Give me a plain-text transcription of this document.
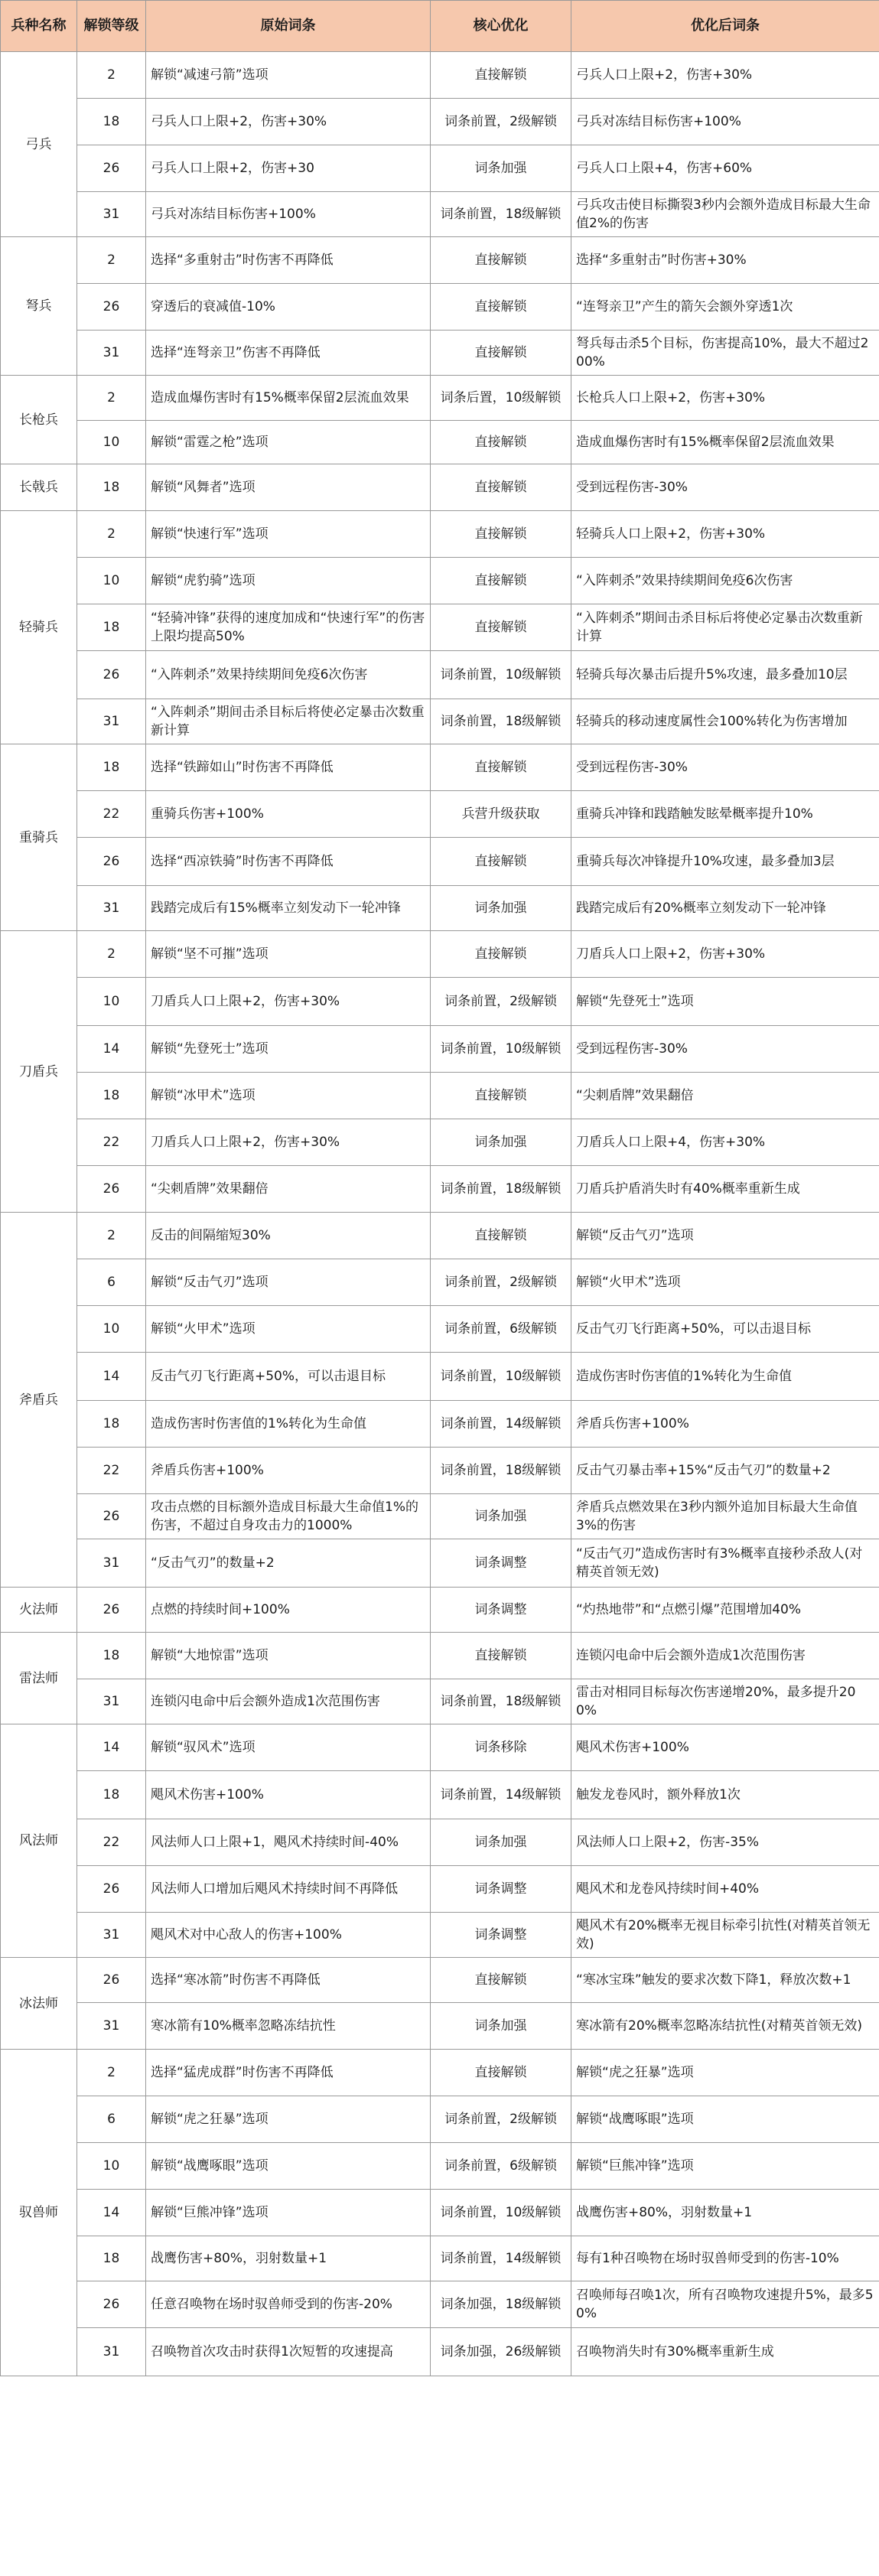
兵种名称	解锁等级	原始词条	核心优化	优化后词条
弓兵	2	解锁“减速弓箭”选项	直接解锁	弓兵人口上限+2，伤害+30%
	18	弓兵人口上限+2，伤害+30%	词条前置，2级解锁	弓兵对冻结目标伤害+100%
	26	弓兵人口上限+2，伤害+30	词条加强	弓兵人口上限+4，伤害+60%
	31	弓兵对冻结目标伤害+100%	词条前置，18级解锁	弓兵攻击使目标撕裂3秒内会额外造成目标最大生命值2%的伤害
弩兵	2	选择“多重射击”时伤害不再降低	直接解锁	选择“多重射击”时伤害+30%
	26	穿透后的衰减值-10%	直接解锁	“连弩亲卫”产生的箭矢会额外穿透1次
	31	选择“连弩亲卫”伤害不再降低	直接解锁	弩兵每击杀5个目标，伤害提高10%，最大不超过200%
长枪兵	2	造成血爆伤害时有15%概率保留2层流血效果	词条后置，10级解锁	长枪兵人口上限+2，伤害+30%
	10	解锁“雷霆之枪”选项	直接解锁	造成血爆伤害时有15%概率保留2层流血效果
长戟兵	18	解锁“风舞者”选项	直接解锁	受到远程伤害-30%
轻骑兵	2	解锁“快速行军”选项	直接解锁	轻骑兵人口上限+2，伤害+30%
	10	解锁“虎豹骑”选项	直接解锁	“入阵刺杀”效果持续期间免疫6次伤害
	18	“轻骑冲锋”获得的速度加成和“快速行军”的伤害上限均提高50%	直接解锁	“入阵刺杀”期间击杀目标后将使必定暴击次数重新计算
	26	“入阵刺杀”效果持续期间免疫6次伤害	词条前置，10级解锁	轻骑兵每次暴击后提升5%攻速，最多叠加10层
	31	“入阵刺杀”期间击杀目标后将使必定暴击次数重新计算	词条前置，18级解锁	轻骑兵的移动速度属性会100%转化为伤害增加
重骑兵	18	选择“铁蹄如山”时伤害不再降低	直接解锁	受到远程伤害-30%
	22	重骑兵伤害+100%	兵营升级获取	重骑兵冲锋和践踏触发眩晕概率提升10%
	26	选择“西凉铁骑”时伤害不再降低	直接解锁	重骑兵每次冲锋提升10%攻速，最多叠加3层
	31	践踏完成后有15%概率立刻发动下一轮冲锋	词条加强	践踏完成后有20%概率立刻发动下一轮冲锋
刀盾兵	2	解锁“坚不可摧”选项	直接解锁	刀盾兵人口上限+2，伤害+30%
	10	刀盾兵人口上限+2，伤害+30%	词条前置，2级解锁	解锁“先登死士”选项
	14	解锁“先登死士”选项	词条前置，10级解锁	受到远程伤害-30%
	18	解锁“冰甲术”选项	直接解锁	“尖刺盾牌”效果翻倍
	22	刀盾兵人口上限+2，伤害+30%	词条加强	刀盾兵人口上限+4，伤害+30%
	26	“尖刺盾牌”效果翻倍	词条前置，18级解锁	刀盾兵护盾消失时有40%概率重新生成
斧盾兵	2	反击的间隔缩短30%	直接解锁	解锁“反击气刃”选项
	6	解锁“反击气刃”选项	词条前置，2级解锁	解锁“火甲术”选项
	10	解锁“火甲术”选项	词条前置，6级解锁	反击气刃飞行距离+50%，可以击退目标
	14	反击气刃飞行距离+50%，可以击退目标	词条前置，10级解锁	造成伤害时伤害值的1%转化为生命值
	18	造成伤害时伤害值的1%转化为生命值	词条前置，14级解锁	斧盾兵伤害+100%
	22	斧盾兵伤害+100%	词条前置，18级解锁	反击气刃暴击率+15%“反击气刃”的数量+2
	26	攻击点燃的目标额外造成目标最大生命值1%的伤害，不超过自身攻击力的1000%	词条加强	斧盾兵点燃效果在3秒内额外追加目标最大生命值3%的伤害
	31	“反击气刃”的数量+2	词条调整	“反击气刃”造成伤害时有3%概率直接秒杀敌人(对精英首领无效)
火法师	26	点燃的持续时间+100%	词条调整	“灼热地带”和“点燃引爆”范围增加40%
雷法师	18	解锁“大地惊雷”选项	直接解锁	连锁闪电命中后会额外造成1次范围伤害
	31	连锁闪电命中后会额外造成1次范围伤害	词条前置，18级解锁	雷击对相同目标每次伤害递增20%，最多提升200%
风法师	14	解锁“驭风术”选项	词条移除	飓风术伤害+100%
	18	飓风术伤害+100%	词条前置，14级解锁	触发龙卷风时，额外释放1次
	22	风法师人口上限+1，飓风术持续时间-40%	词条加强	风法师人口上限+2，伤害-35%
	26	风法师人口增加后飓风术持续时间不再降低	词条调整	飓风术和龙卷风持续时间+40%
	31	飓风术对中心敌人的伤害+100%	词条调整	飓风术有20%概率无视目标牵引抗性(对精英首领无效)
冰法师	26	选择“寒冰箭”时伤害不再降低	直接解锁	“寒冰宝珠”触发的要求次数下降1，释放次数+1
	31	寒冰箭有10%概率忽略冻结抗性	词条加强	寒冰箭有20%概率忽略冻结抗性(对精英首领无效)
驭兽师	2	选择“猛虎成群”时伤害不再降低	直接解锁	解锁“虎之狂暴”选项
	6	解锁“虎之狂暴”选项	词条前置，2级解锁	解锁“战鹰啄眼”选项
	10	解锁“战鹰啄眼”选项	词条前置，6级解锁	解锁“巨熊冲锋”选项
	14	解锁“巨熊冲锋”选项	词条前置，10级解锁	战鹰伤害+80%，羽射数量+1
	18	战鹰伤害+80%，羽射数量+1	词条前置，14级解锁	每有1种召唤物在场时驭兽师受到的伤害-10%
	26	任意召唤物在场时驭兽师受到的伤害-20%	词条加强，18级解锁	召唤师每召唤1次，所有召唤物攻速提升5%，最多50%
	31	召唤物首次攻击时获得1次短暂的攻速提高	词条加强，26级解锁	召唤物消失时有30%概率重新生成
